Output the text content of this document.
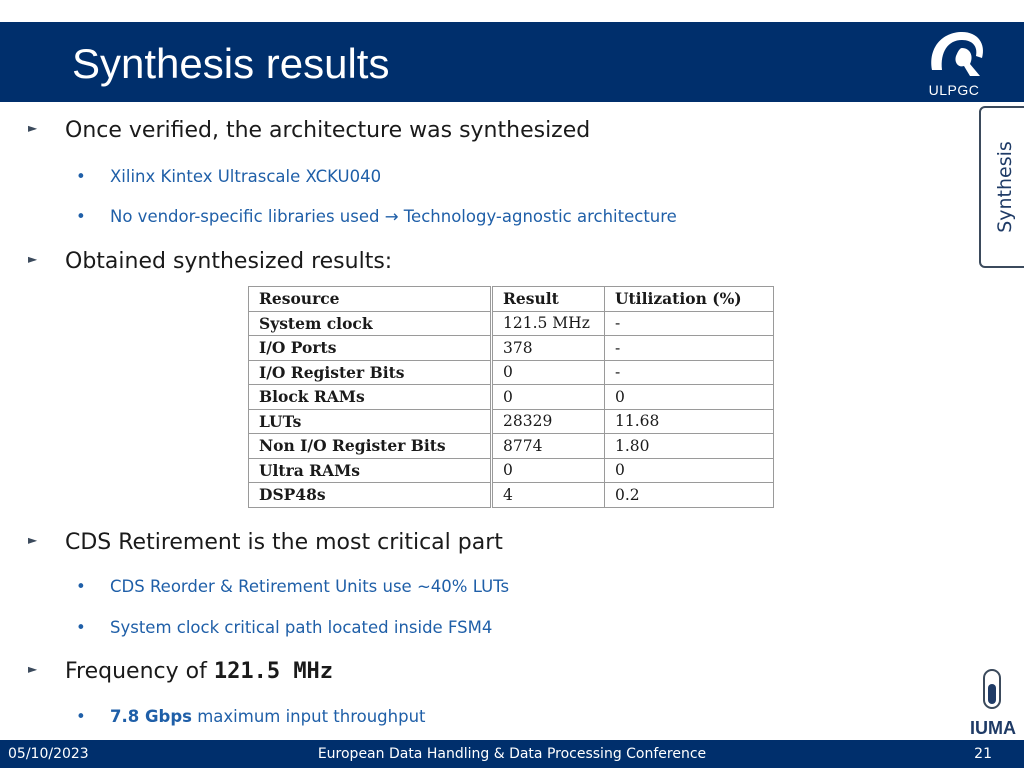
Synthesis results
ULPGC
Synthesis
► Once verified, the architecture was synthesized
• Xilinx Kintex Ultrascale XCKU040
• No vendor-specific libraries used → Technology-agnostic architecture
► Obtained synthesized results:
Resource	Result	Utilization (%)
System clock	121.5 MHz	-
I/O Ports	378	-
I/O Register Bits	0	-
Block RAMs	0	0
LUTs	28329	11.68
Non I/O Register Bits	8774	1.80
Ultra RAMs	0	0
DSP48s	4	0.2
► CDS Retirement is the most critical part
• CDS Reorder & Retirement Units use ~40% LUTs
• System clock critical path located inside FSM4
► Frequency of 121.5 MHz
• 7.8 Gbps maximum input throughput
IUMA
05/10/2023	European Data Handling & Data Processing Conference	21
